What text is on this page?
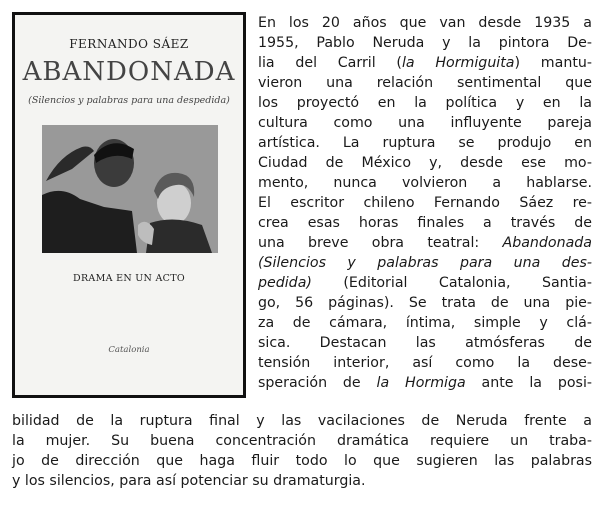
FERNANDO SÁEZ
ABANDONADA
(Silencios y palabras para una despedida)
DRAMA EN UN ACTO
Catalonia
En los 20 años que van desde 1935 a
1955, Pablo Neruda y la pintora De-
lia del Carril (la Hormiguita) mantu-
vieron una relación sentimental que
los proyectó en la política y en la
cultura como una influyente pareja
artística. La ruptura se produjo en
Ciudad de México y, desde ese mo-
mento, nunca volvieron a hablarse.
El escritor chileno Fernando Sáez re-
crea esas horas finales a través de
una breve obra teatral: Abandonada
(Silencios y palabras para una des-
pedida) (Editorial Catalonia, Santia-
go, 56 páginas). Se trata de una pie-
za de cámara, íntima, simple y clá-
sica. Destacan las atmósferas de
tensión interior, así como la dese-
speración de la Hormiga ante la posi-
bilidad de la ruptura final y las vacilaciones de Neruda frente a
la mujer. Su buena concentración dramática requiere un traba-
jo de dirección que haga fluir todo lo que sugieren las palabras
y los silencios, para así potenciar su dramaturgia.
